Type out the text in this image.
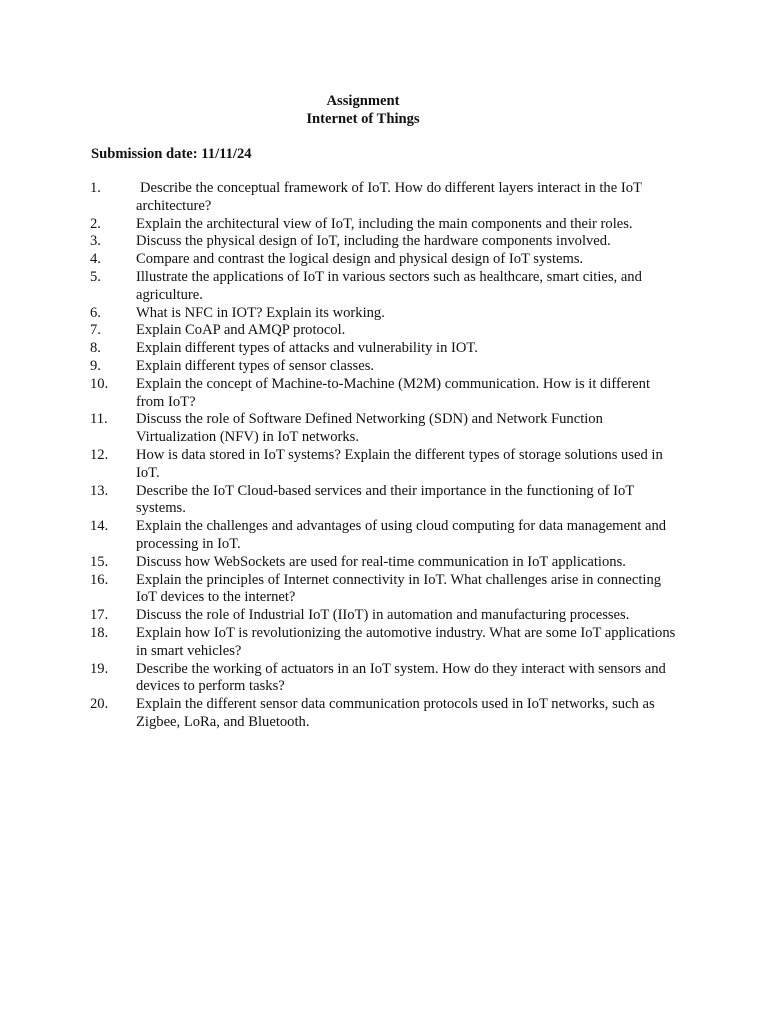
Assignment
Internet of Things
Submission date: 11/11/24
1.	Describe the conceptual framework of IoT. How do different layers interact in the IoT architecture?
2.	Explain the architectural view of IoT, including the main components and their roles.
3.	Discuss the physical design of IoT, including the hardware components involved.
4.	Compare and contrast the logical design and physical design of IoT systems.
5.	Illustrate the applications of IoT in various sectors such as healthcare, smart cities, and agriculture.
6.	What is NFC in IOT? Explain its working.
7.	Explain CoAP and AMQP protocol.
8.	Explain different types of attacks and vulnerability in IOT.
9.	Explain different types of sensor classes.
10.	Explain the concept of Machine-to-Machine (M2M) communication. How is it different from IoT?
11.	Discuss the role of Software Defined Networking (SDN) and Network Function Virtualization (NFV) in IoT networks.
12.	How is data stored in IoT systems? Explain the different types of storage solutions used in IoT.
13.	Describe the IoT Cloud-based services and their importance in the functioning of IoT systems.
14.	Explain the challenges and advantages of using cloud computing for data management and processing in IoT.
15.	Discuss how WebSockets are used for real-time communication in IoT applications.
16.	Explain the principles of Internet connectivity in IoT. What challenges arise in connecting IoT devices to the internet?
17.	Discuss the role of Industrial IoT (IIoT) in automation and manufacturing processes.
18.	Explain how IoT is revolutionizing the automotive industry. What are some IoT applications in smart vehicles?
19.	Describe the working of actuators in an IoT system. How do they interact with sensors and devices to perform tasks?
20.	Explain the different sensor data communication protocols used in IoT networks, such as Zigbee, LoRa, and Bluetooth.
